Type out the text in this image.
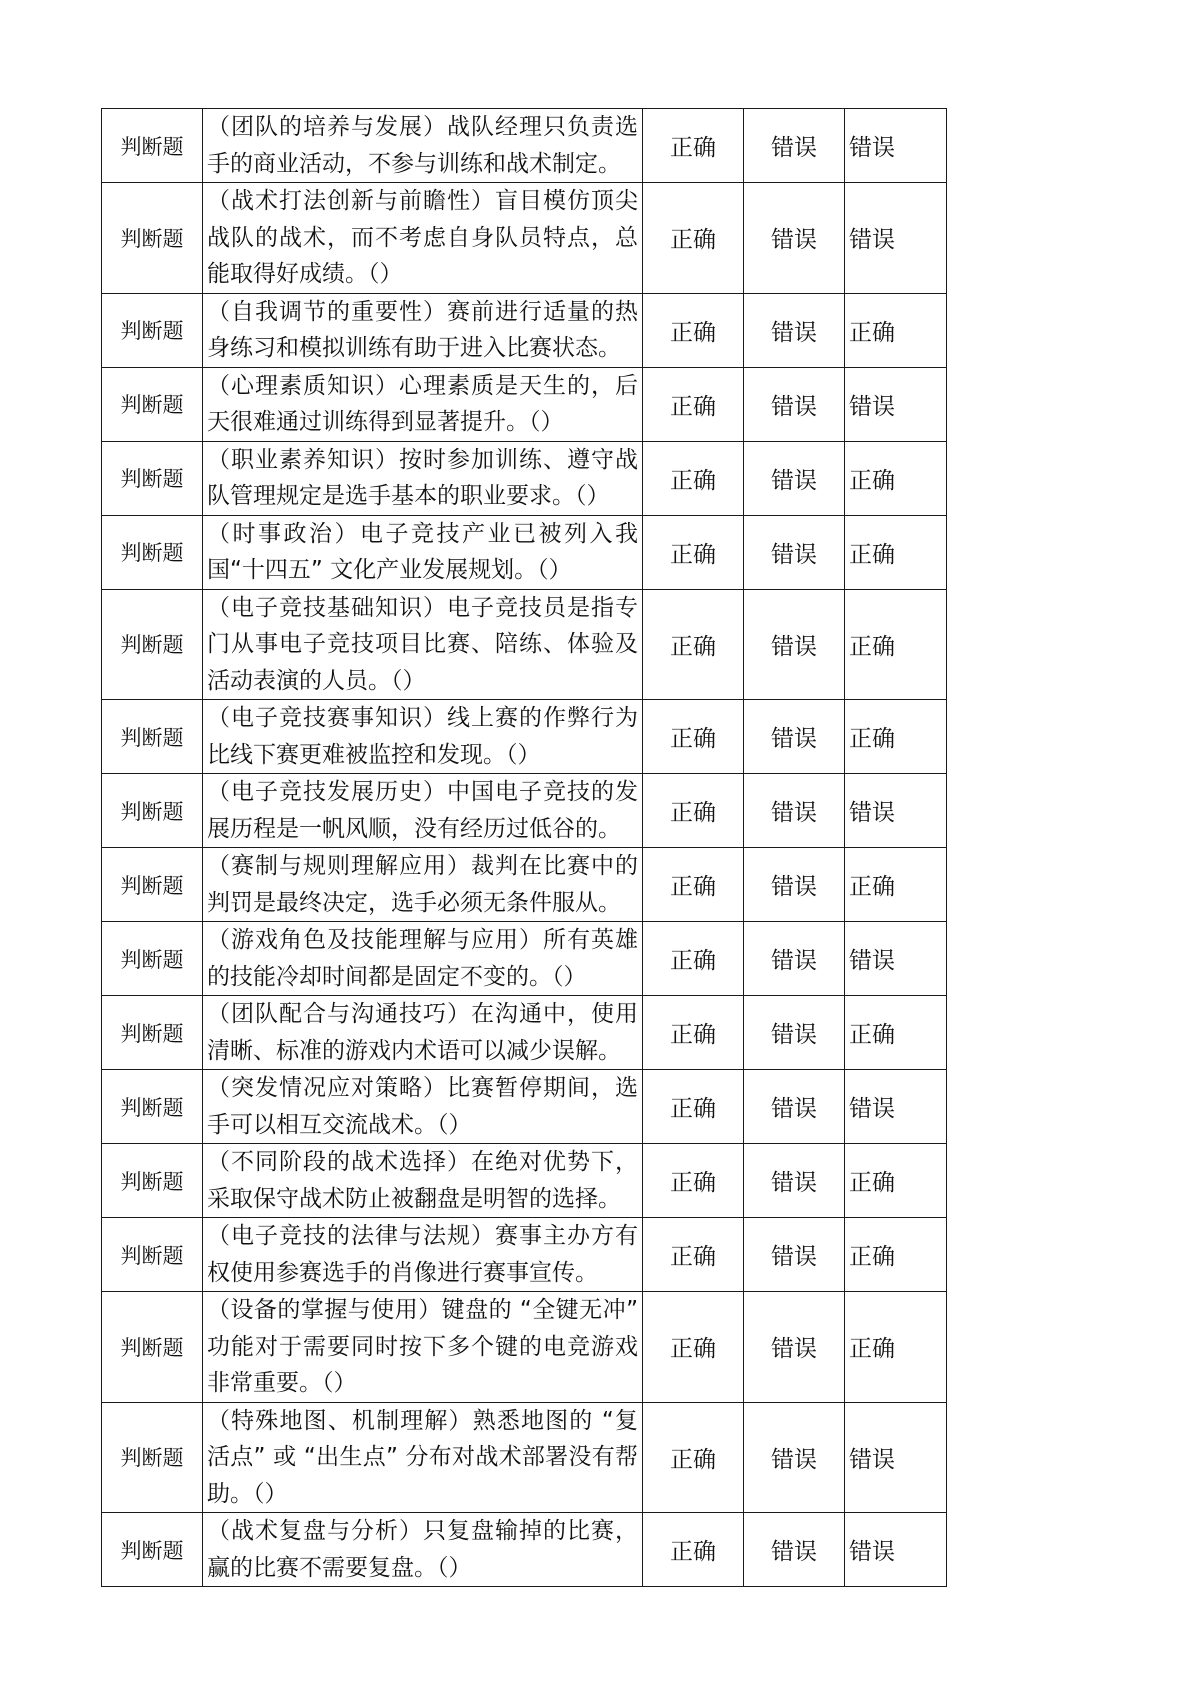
判断题	（团队的培养与发展）战队经理只负责选手的商业活动，不参与训练和战术制定。	正确	错误	错误
判断题	（战术打法创新与前瞻性）盲目模仿顶尖战队的战术，而不考虑自身队员特点，总能取得好成绩。（）	正确	错误	错误
判断题	（自我调节的重要性）赛前进行适量的热身练习和模拟训练有助于进入比赛状态。	正确	错误	正确
判断题	（心理素质知识）心理素质是天生的，后天很难通过训练得到显著提升。（）	正确	错误	错误
判断题	（职业素养知识）按时参加训练、遵守战队管理规定是选手基本的职业要求。（）	正确	错误	正确
判断题	（时事政治）电子竞技产业已被列入我国“十四五” 文化产业发展规划。（）	正确	错误	正确
判断题	（电子竞技基础知识）电子竞技员是指专门从事电子竞技项目比赛、陪练、体验及活动表演的人员。（）	正确	错误	正确
判断题	（电子竞技赛事知识）线上赛的作弊行为比线下赛更难被监控和发现。（）	正确	错误	正确
判断题	（电子竞技发展历史）中国电子竞技的发展历程是一帆风顺，没有经历过低谷的。	正确	错误	错误
判断题	（赛制与规则理解应用）裁判在比赛中的判罚是最终决定，选手必须无条件服从。	正确	错误	正确
判断题	（游戏角色及技能理解与应用）所有英雄的技能冷却时间都是固定不变的。（）	正确	错误	错误
判断题	（团队配合与沟通技巧）在沟通中，使用清晰、标准的游戏内术语可以减少误解。	正确	错误	正确
判断题	（突发情况应对策略）比赛暂停期间，选手可以相互交流战术。（）	正确	错误	错误
判断题	（不同阶段的战术选择）在绝对优势下，采取保守战术防止被翻盘是明智的选择。	正确	错误	正确
判断题	（电子竞技的法律与法规）赛事主办方有权使用参赛选手的肖像进行赛事宣传。	正确	错误	正确
判断题	（设备的掌握与使用）键盘的 “全键无冲” 功能对于需要同时按下多个键的电竞游戏非常重要。（）	正确	错误	正确
判断题	（特殊地图、机制理解）熟悉地图的 “复活点” 或 “出生点” 分布对战术部署没有帮助。（）	正确	错误	错误
判断题	（战术复盘与分析）只复盘输掉的比赛，赢的比赛不需要复盘。（）	正确	错误	错误
